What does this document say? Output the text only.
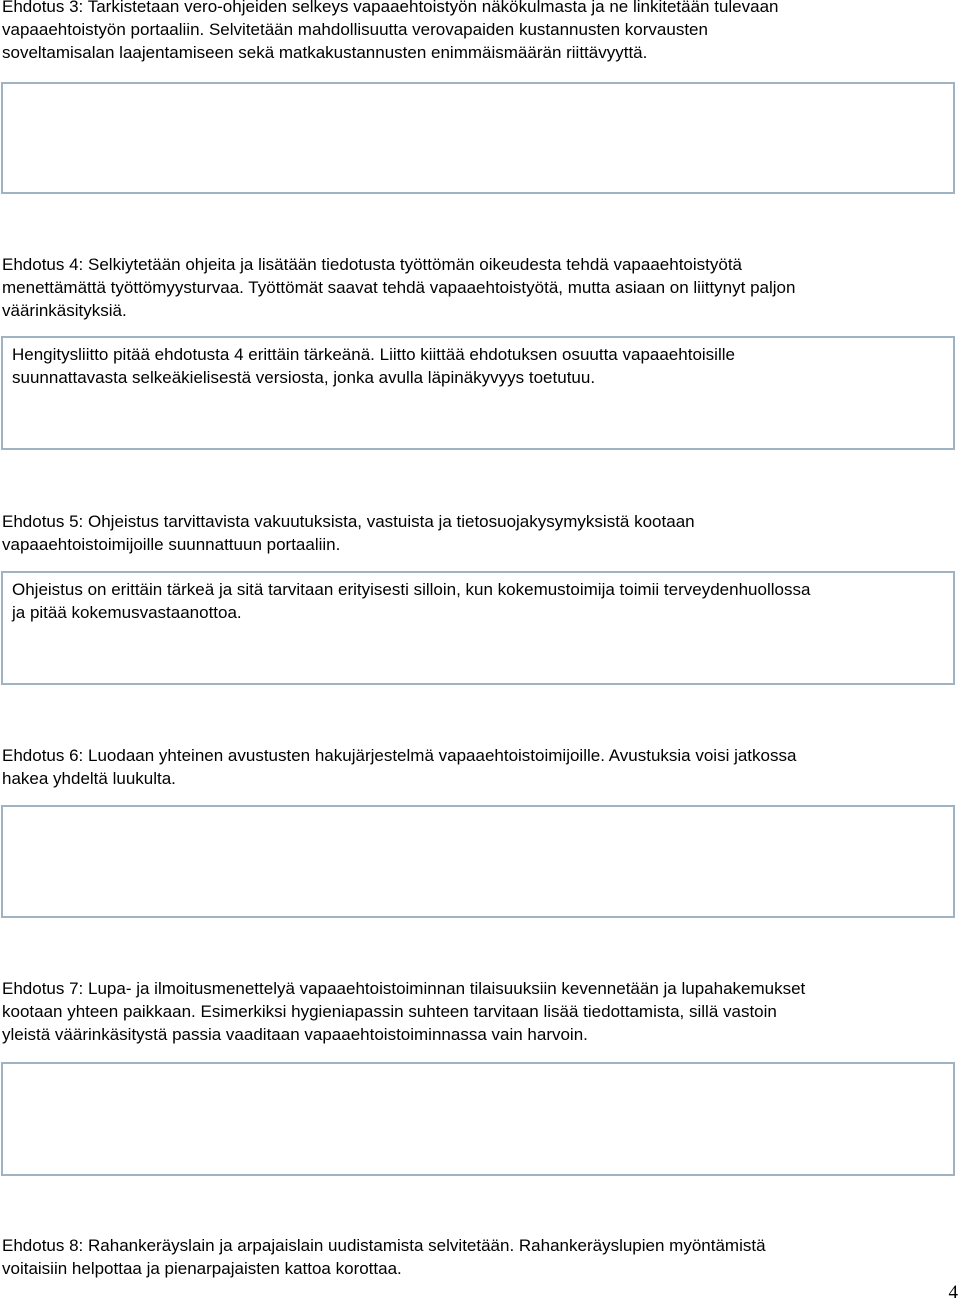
Ehdotus 3: Tarkistetaan vero-ohjeiden selkeys vapaaehtoistyön näkökulmasta ja ne linkitetään tulevaan
vapaaehtoistyön portaaliin. Selvitetään mahdollisuutta verovapaiden kustannusten korvausten
soveltamisalan laajentamiseen sekä matkakustannusten enimmäismäärän riittävyyttä.
Ehdotus 4: Selkiytetään ohjeita ja lisätään tiedotusta työttömän oikeudesta tehdä vapaaehtoistyötä
menettämättä työttömyysturvaa. Työttömät saavat tehdä vapaaehtoistyötä, mutta asiaan on liittynyt paljon
väärinkäsityksiä.
Hengitysliitto pitää ehdotusta 4 erittäin tärkeänä. Liitto kiittää ehdotuksen osuutta vapaaehtoisille
suunnattavasta selkeäkielisestä versiosta, jonka avulla läpinäkyvyys toetutuu.
Ehdotus 5: Ohjeistus tarvittavista vakuutuksista, vastuista ja tietosuojakysymyksistä kootaan
vapaaehtoistoimijoille suunnattuun portaaliin.
Ohjeistus on erittäin tärkeä ja sitä tarvitaan erityisesti silloin, kun kokemustoimija toimii terveydenhuollossa
ja pitää kokemusvastaanottoa.
Ehdotus 6: Luodaan yhteinen avustusten hakujärjestelmä vapaaehtoistoimijoille. Avustuksia voisi jatkossa
hakea yhdeltä luukulta.
Ehdotus 7: Lupa- ja ilmoitusmenettelyä vapaaehtoistoiminnan tilaisuuksiin kevennetään ja lupahakemukset
kootaan yhteen paikkaan. Esimerkiksi hygieniapassin suhteen tarvitaan lisää tiedottamista, sillä vastoin
yleistä väärinkäsitystä passia vaaditaan vapaaehtoistoiminnassa vain harvoin.
Ehdotus 8: Rahankeräyslain ja arpajaislain uudistamista selvitetään. Rahankeräyslupien myöntämistä
voitaisiin helpottaa ja pienarpajaisten kattoa korottaa.
4
